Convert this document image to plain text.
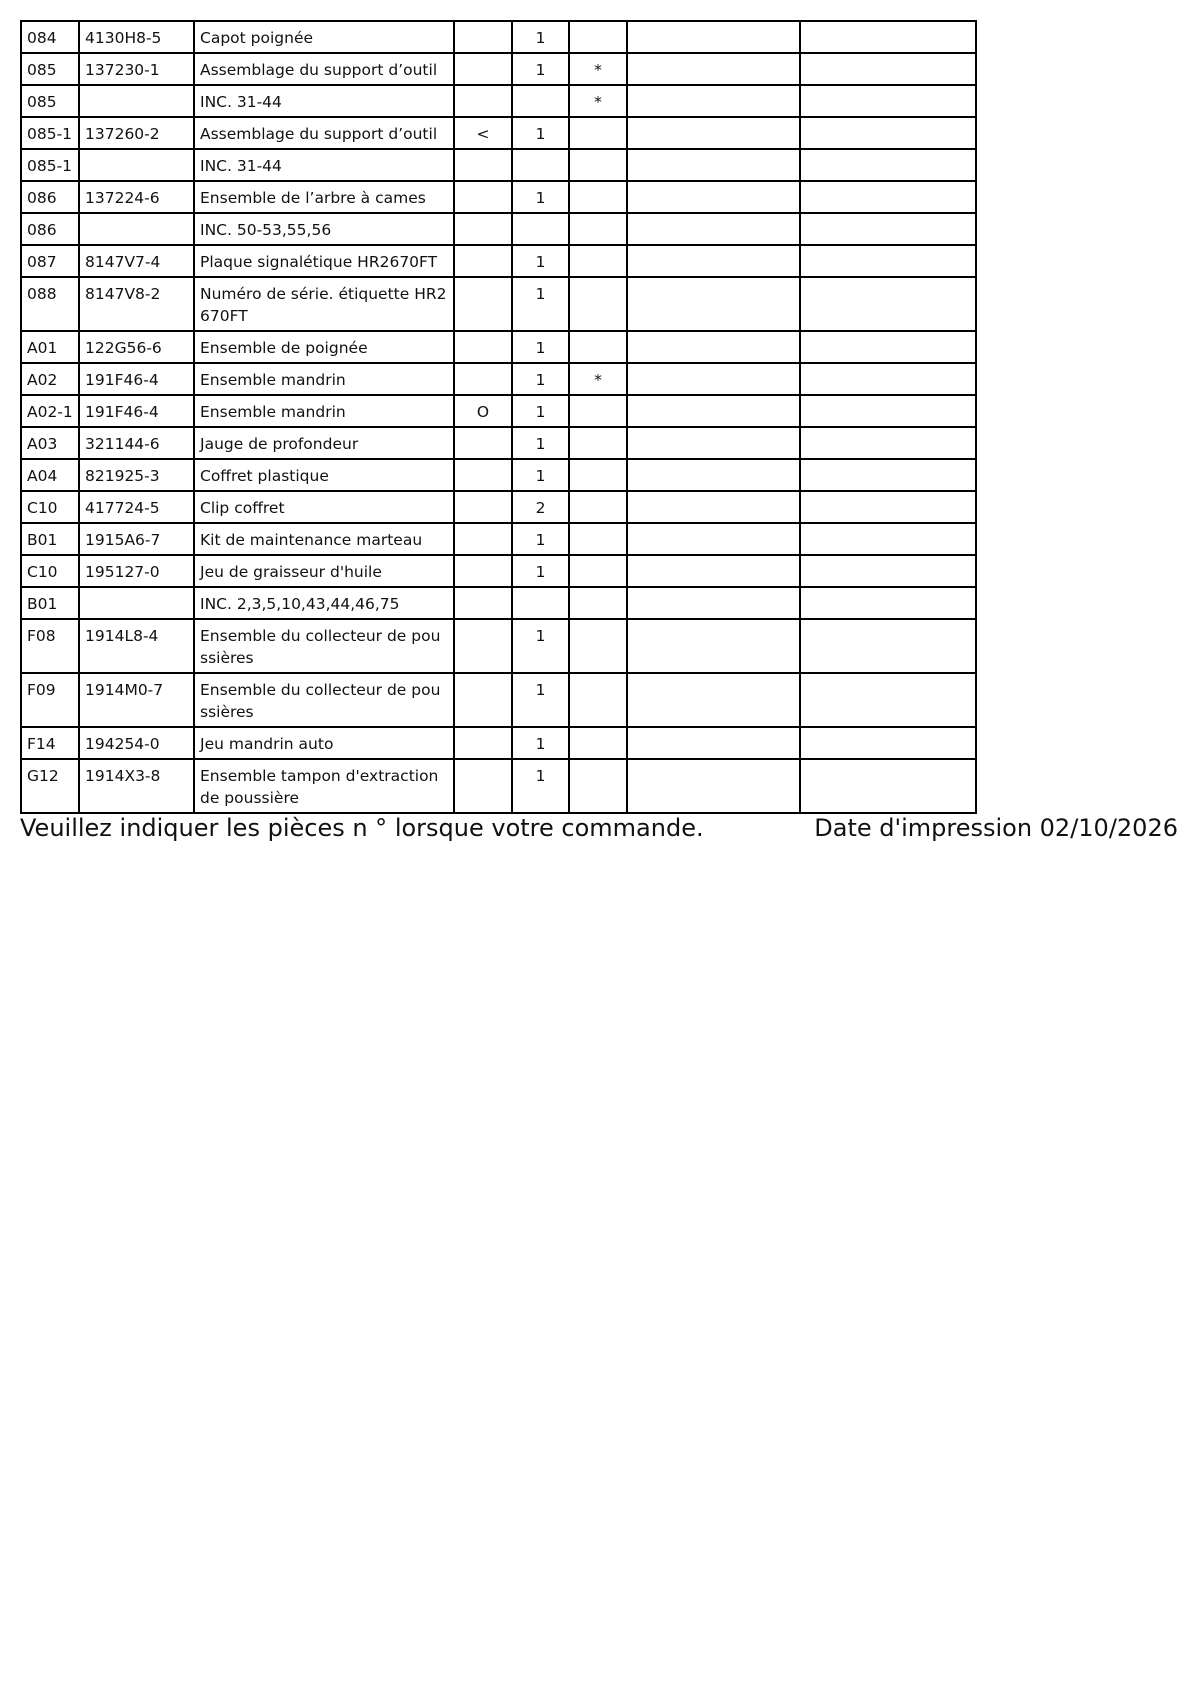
084	4130H8-5	Capot poignée		1			
085	137230-1	Assemblage du support d’outil		1	*		
085		INC. 31-44			*		
085-1	137260-2	Assemblage du support d’outil	<	1			
085-1		INC. 31-44					
086	137224-6	Ensemble de l’arbre à cames		1			
086		INC. 50-53,55,56					
087	8147V7-4	Plaque signalétique HR2670FT		1			
088	8147V8-2	Numéro de série. étiquette HR2670FT		1			
A01	122G56-6	Ensemble de poignée		1			
A02	191F46-4	Ensemble mandrin		1	*		
A02-1	191F46-4	Ensemble mandrin	O	1			
A03	321144-6	Jauge de profondeur		1			
A04	821925-3	Coffret plastique		1			
C10	417724-5	Clip coffret		2			
B01	1915A6-7	Kit de maintenance marteau		1			
C10	195127-0	Jeu de graisseur d'huile		1			
B01		INC. 2,3,5,10,43,44,46,75					
F08	1914L8-4	Ensemble du collecteur de poussières		1			
F09	1914M0-7	Ensemble du collecteur de poussières		1			
F14	194254-0	Jeu mandrin auto		1			
G12	1914X3-8	Ensemble tampon d'extraction de poussière		1			
Veuillez indiquer les pièces n ° lorsque votre commande.	Date d'impression 02/10/2026
